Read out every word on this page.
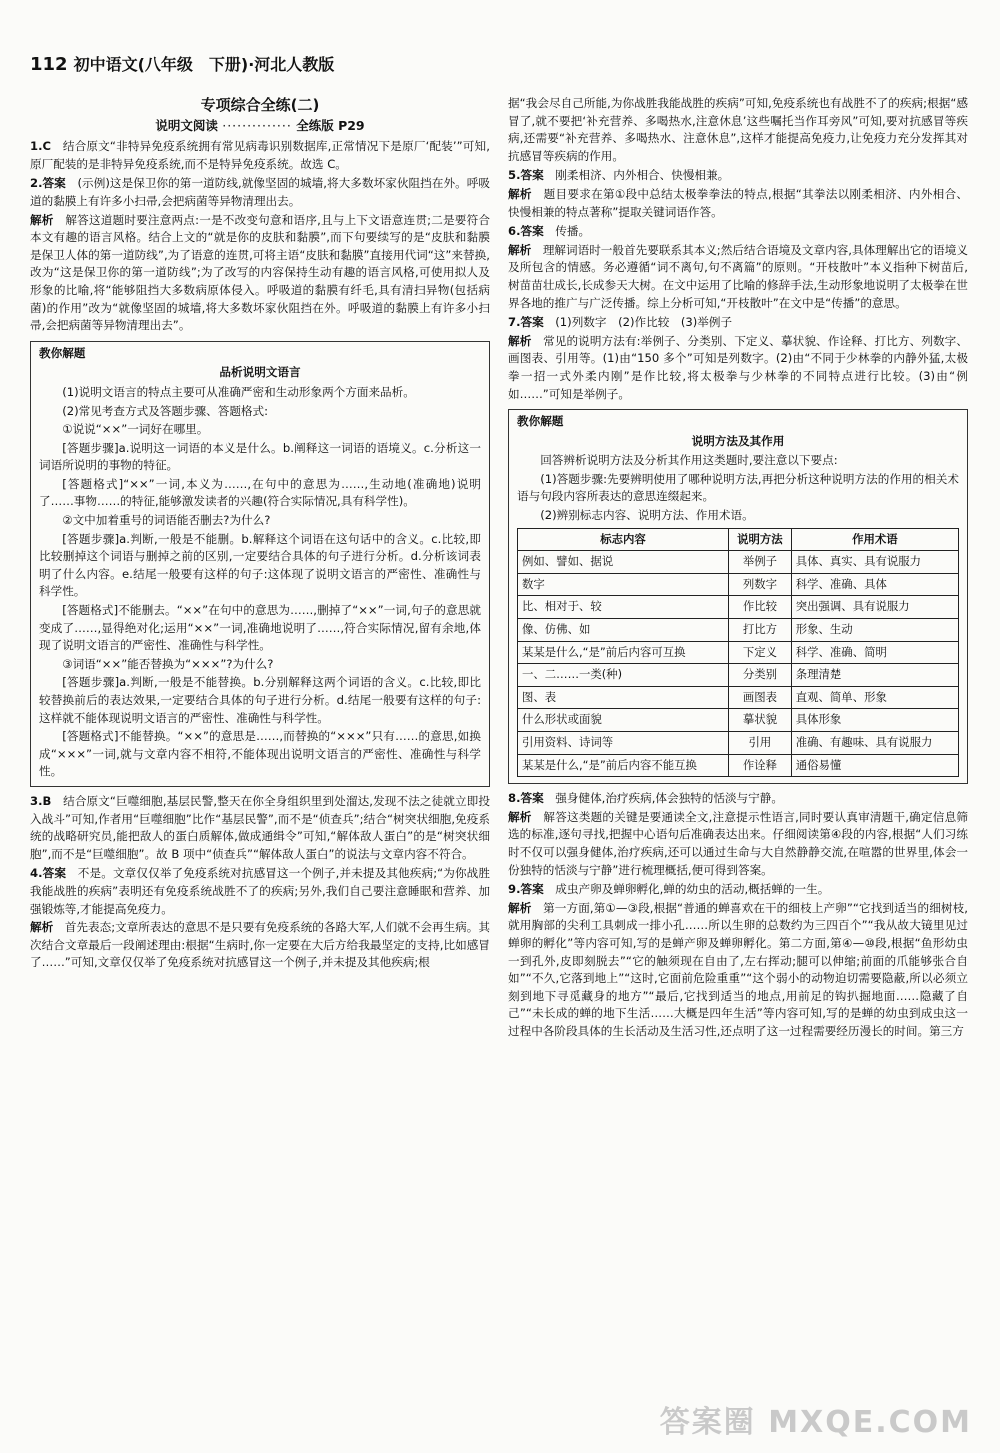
112 初中语文(八年级　下册)·河北人教版
专项综合全练(二)
说明文阅读 ·············· 全练版 P29

1.C　 结合原文“非特异免疫系统拥有常见病毒识别数据库,正常情况下是原厂‘配装’”可知,原厂配装的是非特异免疫系统,而不是特异免疫系统。故选 C。

2.答案　 (示例)这是保卫你的第一道防线,就像坚固的城墙,将大多数坏家伙阻挡在外。呼吸道的黏膜上有许多小扫帚,会把病菌等异物清理出去。

解析　 解答这道题时要注意两点:一是不改变句意和语序,且与上下文语意连贯;二是要符合本文有趣的语言风格。结合上文的“就是你的皮肤和黏膜”,而下句要续写的是“皮肤和黏膜是保卫人体的第一道防线”,为了语意的连贯,可将主语“皮肤和黏膜”直接用代词“这”来替换,改为“这是保卫你的第一道防线”;为了改写的内容保持生动有趣的语言风格,可使用拟人及形象的比喻,将“能够阻挡大多数病原体侵入。呼吸道的黏膜有纤毛,具有清扫异物(包括病菌)的作用”改为“就像坚固的城墙,将大多数坏家伙阻挡在外。呼吸道的黏膜上有许多小扫帚,会把病菌等异物清理出去”。

教你解题
品析说明文语言

(1)说明文语言的特点主要可从准确严密和生动形象两个方面来品析。

(2)常见考查方式及答题步骤、答题格式:

①说说“××”一词好在哪里。

[答题步骤]a.说明这一词语的本义是什么。b.阐释这一词语的语境义。c.分析这一词语所说明的事物的特征。

[答题格式]“××”一词,本义为……,在句中的意思为……,生动地(准确地)说明了……事物……的特征,能够激发读者的兴趣(符合实际情况,具有科学性)。

②文中加着重号的词语能否删去?为什么?

[答题步骤]a.判断,一般是不能删。b.解释这个词语在这句话中的含义。c.比较,即比较删掉这个词语与删掉之前的区别,一定要结合具体的句子进行分析。d.分析该词表明了什么内容。e.结尾一般要有这样的句子:这体现了说明文语言的严密性、准确性与科学性。

[答题格式]不能删去。“××”在句中的意思为……,删掉了“××”一词,句子的意思就变成了……,显得绝对化;运用“××”一词,准确地说明了……,符合实际情况,留有余地,体现了说明文语言的严密性、准确性与科学性。

③词语“××”能否替换为“×××”?为什么?

[答题步骤]a.判断,一般是不能替换。b.分别解释这两个词语的含义。c.比较,即比较替换前后的表达效果,一定要结合具体的句子进行分析。d.结尾一般要有这样的句子:这样就不能体现说明文语言的严密性、准确性与科学性。

[答题格式]不能替换。“××”的意思是……,而替换的“×××”只有……的意思,如换成“×××”一词,就与文章内容不相符,不能体现出说明文语言的严密性、准确性与科学性。

3.B　 结合原文“巨噬细胞,基层民警,整天在你全身组织里到处溜达,发现不法之徒就立即投入战斗”可知,作者用“巨噬细胞”比作“基层民警”,而不是“侦查兵”;结合“树突状细胞,免疫系统的战略研究员,能把敌人的蛋白质解体,做成通缉令”可知,“解体敌人蛋白”的是“树突状细胞”,而不是“巨噬细胞”。故 B 项中“侦查兵”“解体敌人蛋白”的说法与文章内容不符合。

4.答案　 不是。文章仅仅举了免疫系统对抗感冒这一个例子,并未提及其他疾病;“为你战胜我能战胜的疾病”表明还有免疫系统战胜不了的疾病;另外,我们自己要注意睡眠和营养、加强锻炼等,才能提高免疫力。

解析　 首先表态;文章所表达的意思不是只要有免疫系统的各路大军,人们就不会再生病。其次结合文章最后一段阐述理由:根据“生病时,你一定要在大后方给我最坚定的支持,比如感冒了……”可知,文章仅仅举了免疫系统对抗感冒这一个例子,并未提及其他疾病;根

据“我会尽自己所能,为你战胜我能战胜的疾病”可知,免疫系统也有战胜不了的疾病;根据“感冒了,就不要把‘补充营养、多喝热水,注意休息’这些嘱托当作耳旁风”可知,要对抗感冒等疾病,还需要“补充营养、多喝热水、注意休息”,这样才能提高免疫力,让免疫力充分发挥其对抗感冒等疾病的作用。

5.答案　 刚柔相济、内外相合、快慢相兼。

解析　 题目要求在第①段中总结太极拳拳法的特点,根据“其拳法以刚柔相济、内外相合、快慢相兼的特点著称”提取关键词语作答。

6.答案　 传播。

解析　 理解词语时一般首先要联系其本义;然后结合语境及文章内容,具体理解出它的语境义及所包含的情感。务必遵循“词不离句,句不离篇”的原则。“开枝散叶”本义指种下树苗后,树苗苗壮成长,长成参天大树。在文中运用了比喻的修辞手法,生动形象地说明了太极拳在世界各地的推广与广泛传播。综上分析可知,“开枝散叶”在文中是“传播”的意思。

7.答案　 (1)列数字　(2)作比较　(3)举例子

解析　 常见的说明方法有:举例子、分类别、下定义、摹状貌、作诠释、打比方、列数字、画图表、引用等。(1)由“150 多个”可知是列数字。(2)由“不同于少林拳的内静外猛,太极拳一招一式外柔内刚”是作比较,将太极拳与少林拳的不同特点进行比较。(3)由“例如……”可知是举例子。

教你解题
说明方法及其作用

回答辨析说明方法及分析其作用这类题时,要注意以下要点:

(1)答题步骤:先要辨明使用了哪种说明方法,再把分析这种说明方法的作用的相关术语与句段内容所表达的意思连缀起来。

(2)辨别标志内容、说明方法、作用术语。

标志内容	说明方法	作用术语
例如、譬如、据说	举例子	具体、真实、具有说服力
数字	列数字	科学、准确、具体
比、相对于、较	作比较	突出强调、具有说服力
像、仿佛、如	打比方	形象、生动
某某是什么,“是”前后内容可互换	下定义	科学、准确、简明
一、二……一类(种)	分类别	条理清楚
图、表	画图表	直观、简单、形象
什么形状或面貌	摹状貌	具体形象
引用资料、诗词等	引用	准确、有趣味、具有说服力
某某是什么,“是”前后内容不能互换	作诠释	通俗易懂

8.答案　 强身健体,治疗疾病,体会独特的恬淡与宁静。

解析　 解答这类题的关键是要通读全文,注意提示性语言,同时要认真审清题干,确定信息筛选的标准,逐句寻找,把握中心语句后准确表达出来。仔细阅读第④段的内容,根据“人们习练时不仅可以强身健体,治疗疾病,还可以通过生命与大自然静静交流,在喧嚣的世界里,体会一份独特的恬淡与宁静”进行梳理概括,便可得到答案。

9.答案　 成虫产卵及蝉卵孵化,蝉的幼虫的活动,概括蝉的一生。

解析　 第一方面,第①—③段,根据“普通的蝉喜欢在干的细枝上产卵”“它找到适当的细树枝,就用胸部的尖利工具刺成一排小孔……所以生卵的总数约为三四百个”“我从故大镜里见过蝉卵的孵化”等内容可知,写的是蝉产卵及蝉卵孵化。第二方面,第④—⑩段,根据“鱼形幼虫一到孔外,皮即刻脱去”“它的触须现在自由了,左右挥动;腿可以伸缩;前面的爪能够张合自如”“不久,它落到地上”“这时,它面前危险重重”“这个弱小的动物迫切需要隐蔽,所以必须立刻到地下寻觅藏身的地方”“最后,它找到适当的地点,用前足的钩扒掘地面……隐藏了自己”“未长成的蝉的地下生活……大概是四年生活”等内容可知,写的是蝉的幼虫到成虫这一过程中各阶段具体的生长活动及生活习性,还点明了这一过程需要经历漫长的时间。第三方

答案圈 MXQE.COM
